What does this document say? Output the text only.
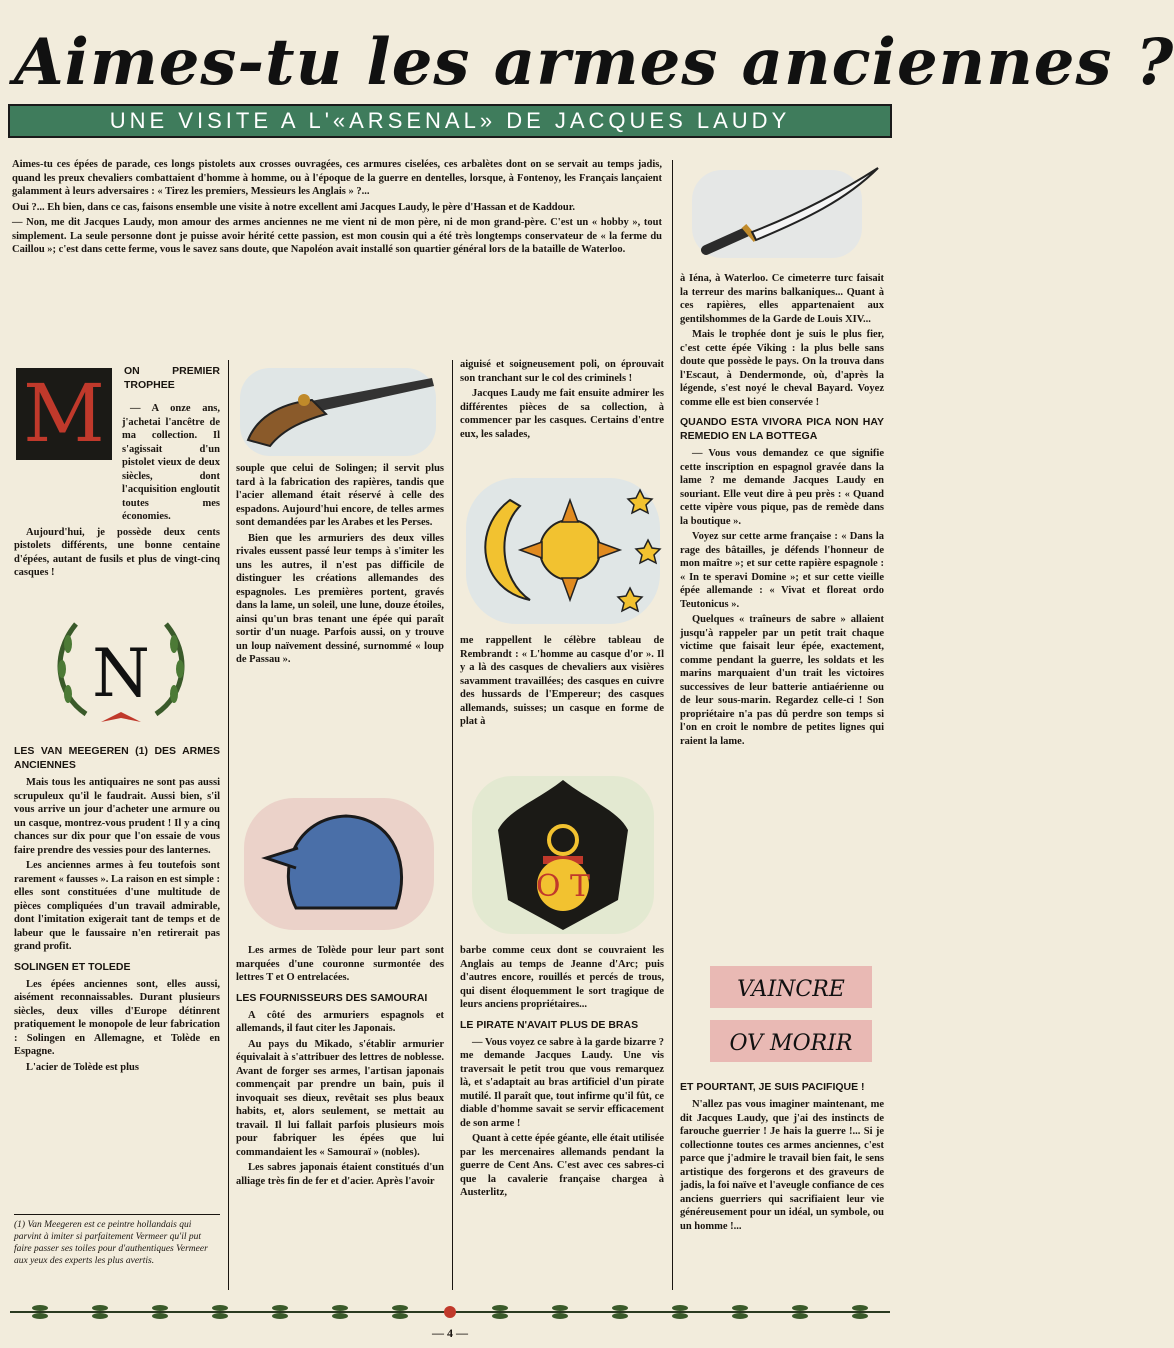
Aimes-tu les armes anciennes ?
UNE VISITE A L'«ARSENAL» DE JACQUES LAUDY

Aimes-tu ces épées de parade, ces longs pistolets aux crosses ouvragées, ces armures ciselées, ces arbalètes dont on se servait au temps jadis, quand les preux chevaliers combattaient d'homme à homme, ou à l'époque de la guerre en dentelles, lorsque, à Fontenoy, les Français lançaient galamment à leurs adversaires : « Tirez les premiers, Messieurs les Anglais » ?...

Oui ?... Eh bien, dans ce cas, faisons ensemble une visite à notre excellent ami Jacques Laudy, le père d'Hassan et de Kaddour.

— Non, me dit Jacques Laudy, mon amour des armes anciennes ne me vient ni de mon père, ni de mon grand-père. C'est un « hobby », tout simplement. La seule personne dont je puisse avoir hérité cette passion, est mon cousin qui a été très longtemps conservateur de « la ferme du Caillou »; c'est dans cette ferme, vous le savez sans doute, que Napoléon avait installé son quartier général lors de la bataille de Waterloo.

M	ON PREMIER TROPHEE

— A onze ans, j'achetai l'ancêtre de ma collection. Il s'agissait d'un pistolet vieux de deux siècles, dont l'acquisition engloutit toutes mes économies.

Aujourd'hui, je possède deux cents pistolets différents, une bonne centaine d'épées, autant de fusils et plus de vingt-cinq casques !

N
LES VAN MEEGEREN (1) DES ARMES ANCIENNES

Mais tous les antiquaires ne sont pas aussi scrupuleux qu'il le faudrait. Aussi bien, s'il vous arrive un jour d'acheter une armure ou un casque, montrez-vous prudent ! Il y a cinq chances sur dix pour que l'on essaie de vous faire prendre des vessies pour des lanternes.

Les anciennes armes à feu toutefois sont rarement « fausses ». La raison en est simple : elles sont constituées d'une multitude de pièces compliquées d'un travail admirable, dont l'imitation exigerait tant de temps et de labeur que le faussaire n'en retirerait pas grand profit.

SOLINGEN ET TOLEDE

Les épées anciennes sont, elles aussi, aisément reconnaissables. Durant plusieurs siècles, deux villes d'Europe détinrent pratiquement le monopole de leur fabrication : Solingen en Allemagne, et Tolède en Espagne.

L'acier de Tolède est plus

(1) Van Meegeren est ce peintre hollandais qui parvint à imiter si parfaitement Vermeer qu'il put faire passer ses toiles pour d'authentiques Vermeer aux yeux des experts les plus avertis.

souple que celui de Solingen; il servit plus tard à la fabrication des rapières, tandis que l'acier allemand était réservé à celle des espadons. Aujourd'hui encore, de telles armes sont demandées par les Arabes et les Perses.

Bien que les armuriers des deux villes rivales eussent passé leur temps à s'imiter les uns les autres, il n'est pas difficile de distinguer les créations allemandes des espagnoles. Les premières portent, gravés dans la lame, un soleil, une lune, douze étoiles, ainsi qu'un bras tenant une épée qui paraît sortir d'un nuage. Parfois aussi, on y trouve un loup naïvement dessiné, surnommé « loup de Passau ».

Les armes de Tolède pour leur part sont marquées d'une couronne surmontée des lettres T et O entrelacées.

LES FOURNISSEURS DES SAMOURAI

A côté des armuriers espagnols et allemands, il faut citer les Japonais.

Au pays du Mikado, s'établir armurier équivalait à s'attribuer des lettres de noblesse. Avant de forger ses armes, l'artisan japonais commençait par prendre un bain, puis il invoquait ses dieux, revêtait ses plus beaux habits, et, alors seulement, se mettait au travail. Il lui fallait parfois plusieurs mois pour fabriquer les épées que lui commandaient les « Samouraï » (nobles).

Les sabres japonais étaient constitués d'un alliage très fin de fer et d'acier. Après l'avoir

aiguisé et soigneusement poli, on éprouvait son tranchant sur le col des criminels !

Jacques Laudy me fait ensuite admirer les différentes pièces de sa collection, à commencer par les casques. Certains d'entre eux, les salades,

me rappellent le célèbre tableau de Rembrandt : « L'homme au casque d'or ». Il y a là des casques de chevaliers aux visières savamment travaillées; des casques en cuivre des hussards de l'Empereur; des casques allemands, suisses; un casque en forme de plat à

O T

barbe comme ceux dont se couvraient les Anglais au temps de Jeanne d'Arc; puis d'autres encore, rouillés et percés de trous, qui disent éloquemment le sort tragique de leurs anciens propriétaires...

LE PIRATE N'AVAIT PLUS DE BRAS

— Vous voyez ce sabre à la garde bizarre ? me demande Jacques Laudy. Une vis traversait le petit trou que vous remarquez là, et s'adaptait au bras artificiel d'un pirate mutilé. Il paraît que, tout infirme qu'il fût, ce diable d'homme savait se servir efficacement de son arme !

Quant à cette épée géante, elle était utilisée par les mercenaires allemands pendant la guerre de Cent Ans. C'est avec ces sabres-ci que la cavalerie française chargea à Austerlitz,

à Iéna, à Waterloo. Ce cimeterre turc faisait la terreur des marins balkaniques... Quant à ces rapières, elles appartenaient aux gentilshommes de la Garde de Louis XIV...

Mais le trophée dont je suis le plus fier, c'est cette épée Viking : la plus belle sans doute que possède le pays. On la trouva dans l'Escaut, à Dendermonde, où, d'après la légende, s'est noyé le cheval Bayard. Voyez comme elle est bien conservée !

QUANDO ESTA VIVORA PICA NON HAY REMEDIO EN LA BOTTEGA

— Vous vous demandez ce que signifie cette inscription en espagnol gravée dans la lame ? me demande Jacques Laudy en souriant. Elle veut dire à peu près : « Quand cette vipère vous pique, pas de remède dans la boutique ».

Voyez sur cette arme française : « Dans la rage des bâtailles, je défends l'honneur de mon maître »; et sur cette rapière espagnole : « In te speravi Domine »; et sur cette vieille épée allemande : « Vivat et floreat ordo Teutonicus ».

Quelques « traîneurs de sabre » allaient jusqu'à rappeler par un petit trait chaque victime que faisait leur épée, exactement, comme pendant la guerre, les soldats et les marins marquaient d'un trait les victoires successives de leur batterie antiaérienne ou de leur sous-marin. Regardez celle-ci ! Son propriétaire n'a pas dû perdre son temps si l'on en croit le nombre de petites lignes qui raient la lame.

VAINCRE
OV MORIR
ET POURTANT, JE SUIS PACIFIQUE !

N'allez pas vous imaginer maintenant, me dit Jacques Laudy, que j'ai des instincts de farouche guerrier ! Je hais la guerre !... Si je collectionne toutes ces armes anciennes, c'est parce que j'admire le travail bien fait, le sens artistique des forgerons et des graveurs de jadis, la foi naïve et l'aveugle confiance de ces anciens guerriers qui sacrifiaient leur vie généreusement pour un idéal, un symbole, ou un homme !...

— 4 —
